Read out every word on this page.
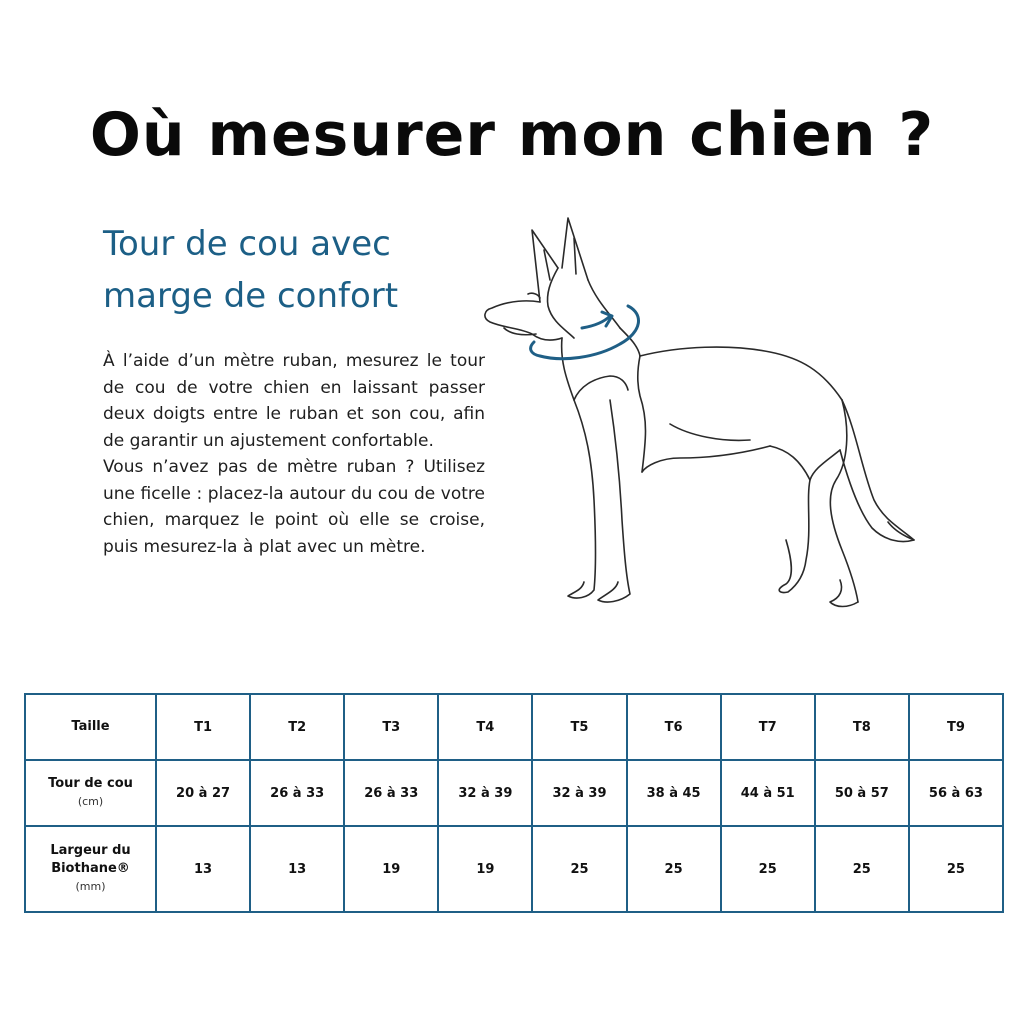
Où mesurer mon chien ?
Tour de cou avec
marge de confort

À l’aide d’un mètre ruban, mesurez le tour de cou de votre chien en laissant passer deux doigts entre le ruban et son cou, afin de garantir un ajustement confortable.

Vous n’avez pas de mètre ruban ? Utilisez une ficelle : placez-la autour du cou de votre chien, marquez le point où elle se croise, puis mesurez-la à plat avec un mètre.

Taille	T1	T2	T3	T4	T5	T6	T7	T8	T9
Tour de cou
(cm)	20 à 27	26 à 33	26 à 33	32 à 39	32 à 39	38 à 45	44 à 51	50 à 57	56 à 63
Largeur du
Biothane®
(mm)	13	13	19	19	25	25	25	25	25
